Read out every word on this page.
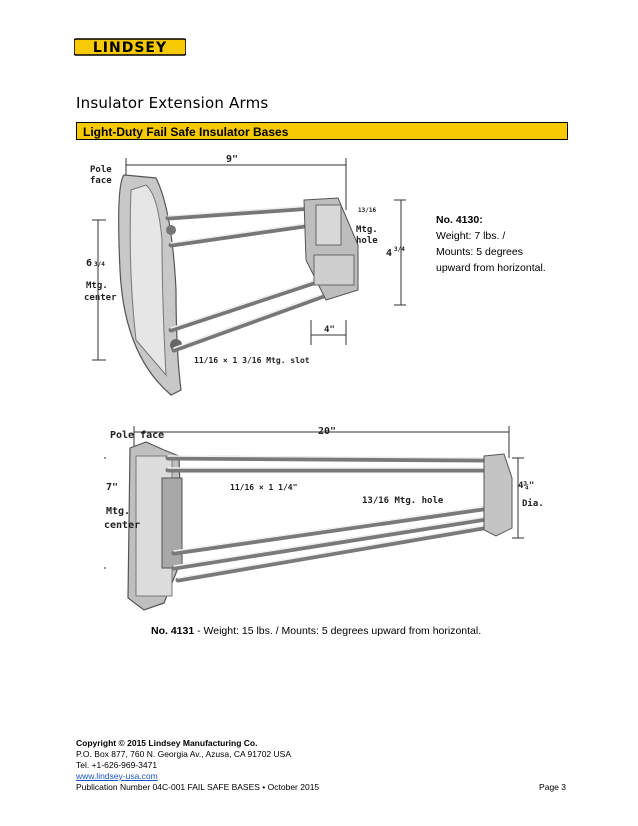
LINDSEY
Insulator Extension Arms
Light-Duty Fail Safe Insulator Bases
Pole
face
9"
6 3/4
Mtg.
center
13/16
Mtg.
hole
4 3/4
4"
11/16 × 1 3/16 Mtg. slot
No. 4130:
Weight: 7 lbs. /
Mounts: 5 degrees
upward from horizontal.
Pole face	20"
7"
Mtg.
center
11/16 × 1 1/4"
13/16 Mtg. hole
4¾"
Dia.
No. 4131 - Weight: 15 lbs. / Mounts: 5 degrees upward from horizontal.
Copyright © 2015 Lindsey Manufacturing Co.
P.O. Box 877, 760 N. Georgia Av., Azusa, CA 91702 USA
Tel. +1-626-969-3471
www.lindsey-usa.com
Publication Number 04C-001 FAIL SAFE BASES • October 2015	Page 3
